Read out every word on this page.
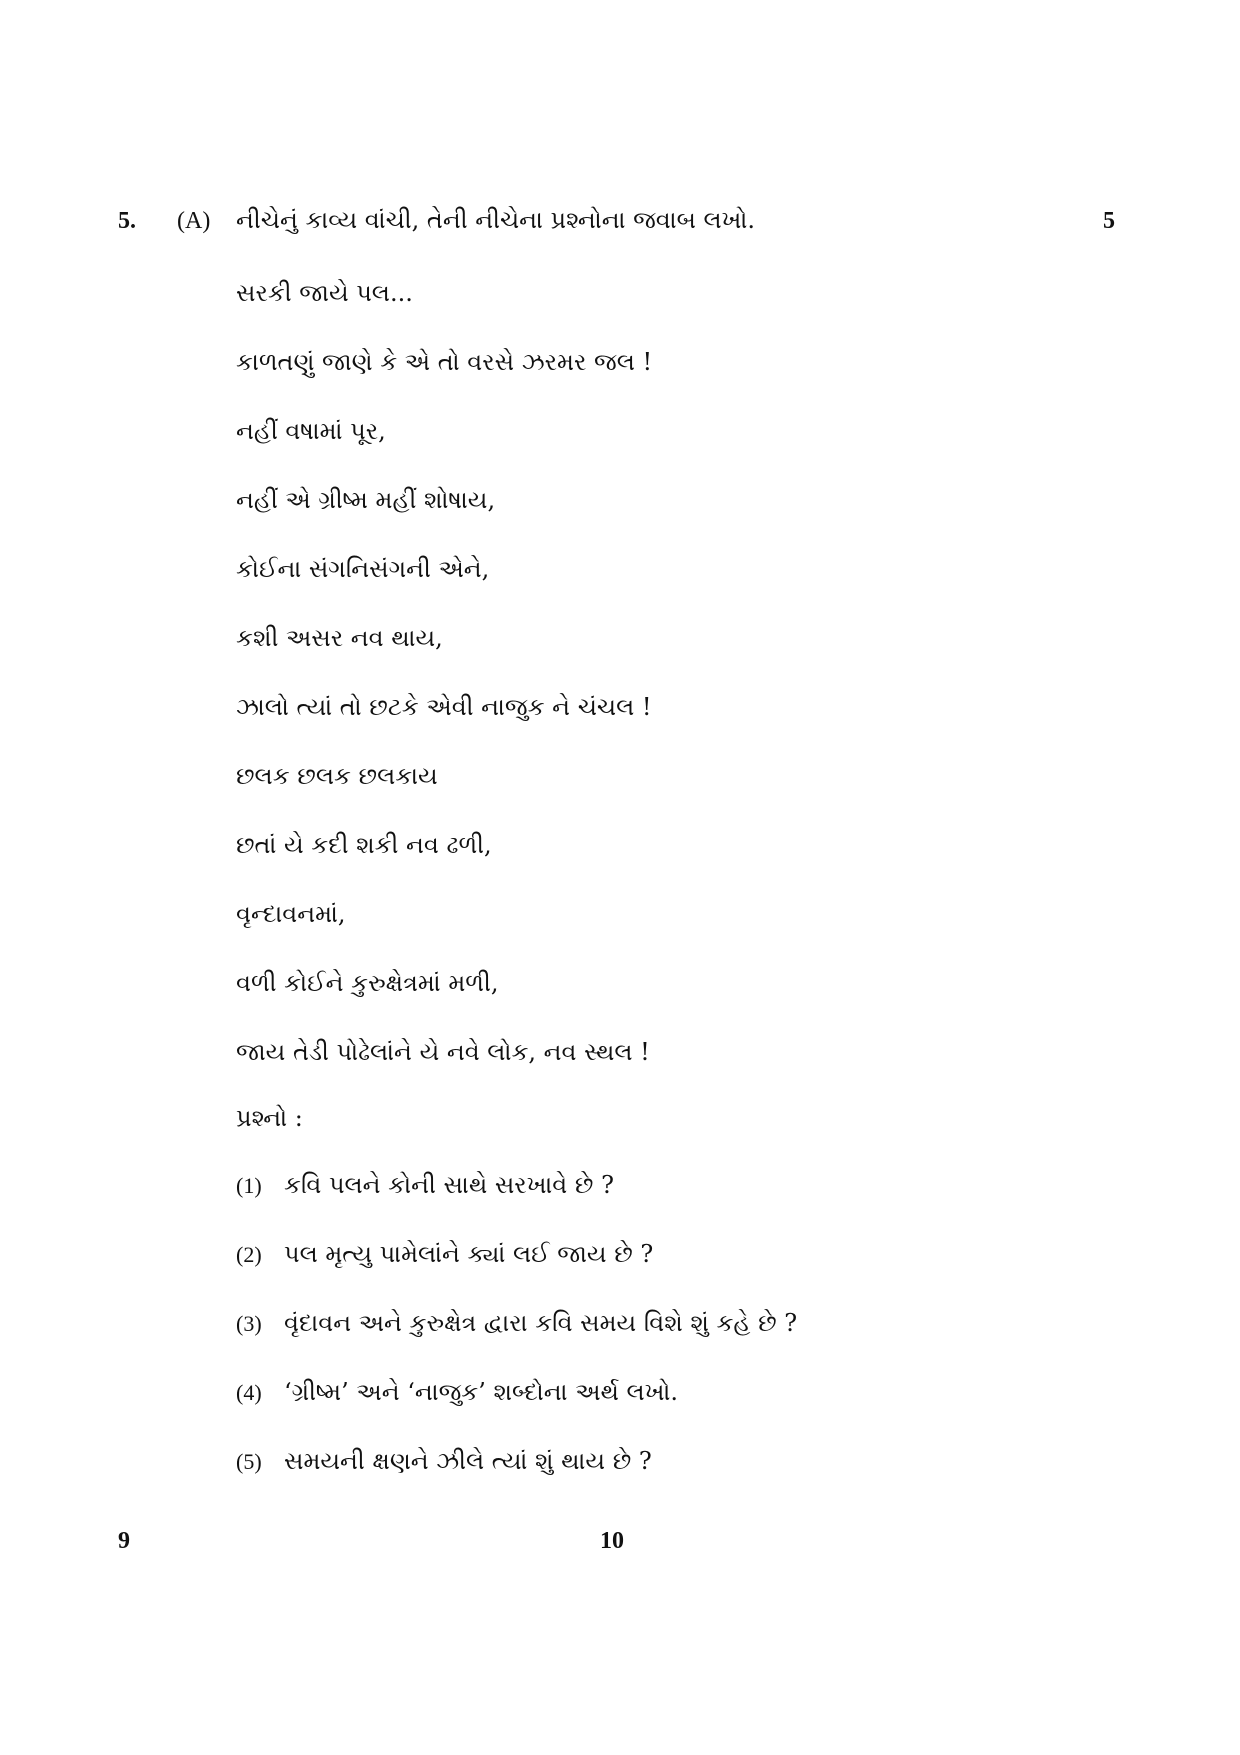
5. (A) નીચેનું કાવ્ય વાંચી, તેની નીચેના પ્રશ્નોના જવાબ લખો.	5
સરકી જાયે પલ...
કાળતણું જાણે કે એ તો વરસે ઝરમર જલ !
નહીં વષામાં પૂર,
નહીં એ ગ્રીષ્મ મહીં શોષાય,
કોઈના સંગનિસંગની એને,
કશી અસર નવ થાય,
ઝાલો ત્યાં તો છટકે એવી નાજુક ને ચંચલ !
છલક છલક છલકાય
છતાં યે કદી શકી નવ ઢળી,
વૃન્દાવનમાં,
વળી કોઈને કુરુક્ષેત્રમાં મળી,
જાય તેડી પોઢેલાંને યે નવે લોક, નવ સ્થલ !
પ્રશ્નો :
(1) કવિ પલને કોની સાથે સરખાવે છે ?
(2) પલ મૃત્યુ પામેલાંને ક્યાં લઈ જાય છે ?
(3) વૃંદાવન અને કુરુક્ષેત્ર દ્વારા કવિ સમય વિશે શું કહે છે ?
(4) ‘ગ્રીષ્મ’ અને ‘નાજુક’ શબ્દોના અર્થ લખો.
(5) સમયની ક્ષણને ઝીલે ત્યાં શું થાય છે ?
9	10
